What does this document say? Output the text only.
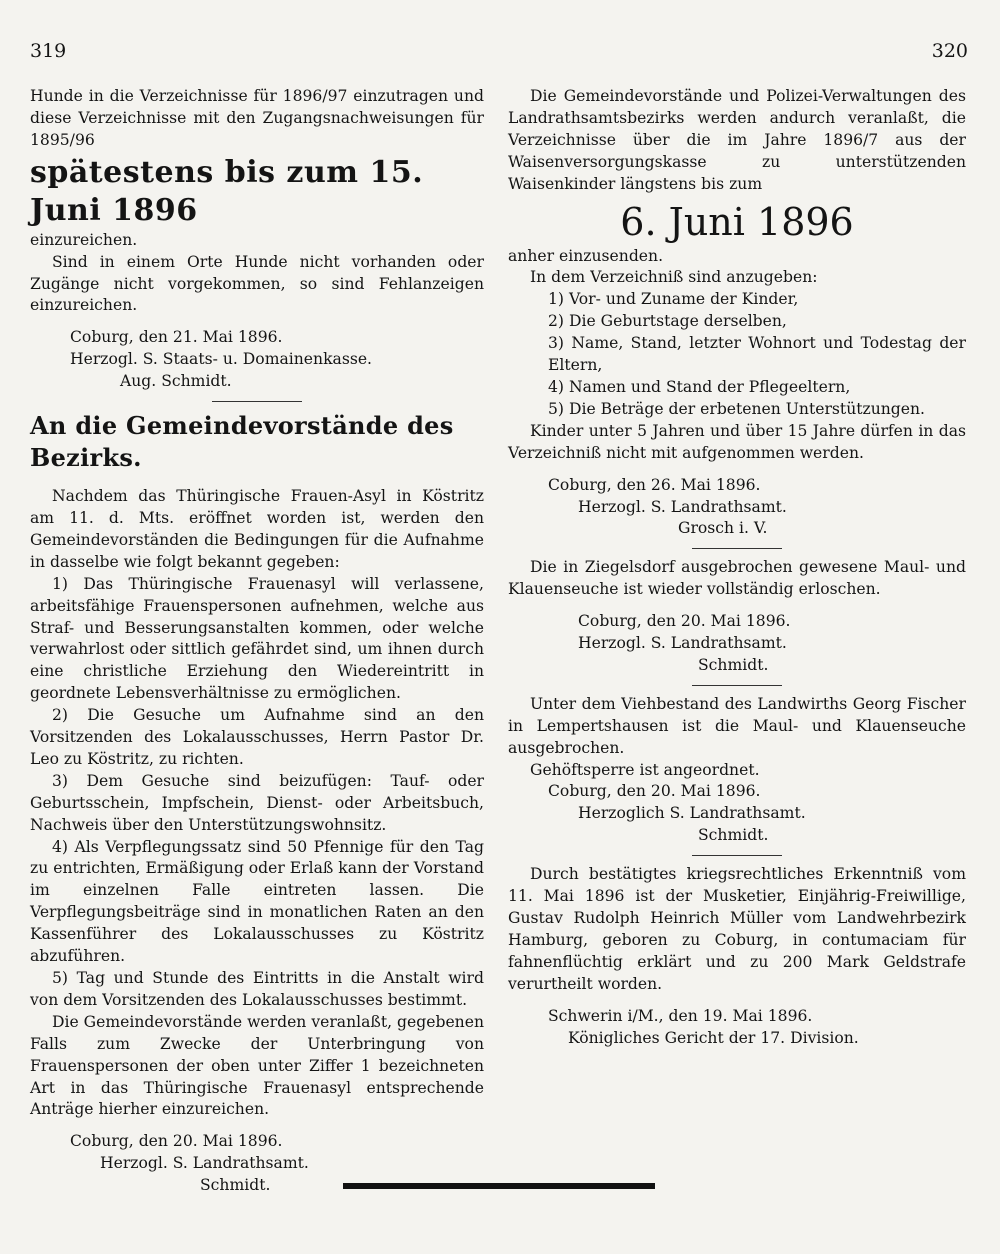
319	320

Hunde in die Verzeichnisse für 1896/97 einzutragen und diese Verzeichnisse mit den Zugangsnachweisungen für 1895/96

spätestens bis zum 15. Juni 1896

einzureichen.

Sind in einem Orte Hunde nicht vorhanden oder Zugänge nicht vorgekommen, so sind Fehlanzeigen einzureichen.

Coburg, den 21. Mai 1896.

Herzogl. S. Staats- u. Domainenkasse.

Aug. Schmidt.

An die Gemeindevorstände des Bezirks.

Nachdem das Thüringische Frauen-Asyl in Köstritz am 11. d. Mts. eröffnet worden ist, werden den Gemeindevorständen die Bedingungen für die Aufnahme in dasselbe wie folgt bekannt gegeben:

1) Das Thüringische Frauenasyl will verlassene, arbeitsfähige Frauenspersonen aufnehmen, welche aus Straf- und Besserungsanstalten kommen, oder welche verwahrlost oder sittlich gefährdet sind, um ihnen durch eine christliche Erziehung den Wiedereintritt in geordnete Lebensverhältnisse zu ermöglichen.

2) Die Gesuche um Aufnahme sind an den Vorsitzenden des Lokalausschusses, Herrn Pastor Dr. Leo zu Köstritz, zu richten.

3) Dem Gesuche sind beizufügen: Tauf- oder Geburtsschein, Impfschein, Dienst- oder Arbeitsbuch, Nachweis über den Unterstützungswohnsitz.

4) Als Verpflegungssatz sind 50 Pfennige für den Tag zu entrichten, Ermäßigung oder Erlaß kann der Vorstand im einzelnen Falle eintreten lassen. Die Verpflegungsbeiträge sind in monatlichen Raten an den Kassenführer des Lokalausschusses zu Köstritz abzuführen.

5) Tag und Stunde des Eintritts in die Anstalt wird von dem Vorsitzenden des Lokalausschusses bestimmt.

Die Gemeindevorstände werden veranlaßt, gegebenen Falls zum Zwecke der Unterbringung von Frauenspersonen der oben unter Ziffer 1 bezeichneten Art in das Thüringische Frauenasyl entsprechende Anträge hierher einzureichen.

Coburg, den 20. Mai 1896.

Herzogl. S. Landrathsamt.

Schmidt.

Die Gemeindevorstände und Polizei-Verwaltungen des Landrathsamtsbezirks werden andurch veranlaßt, die Verzeichnisse über die im Jahre 1896/7 aus der Waisenversorgungskasse zu unterstützenden Waisenkinder längstens bis zum

6. Juni 1896

anher einzusenden.

In dem Verzeichniß sind anzugeben:

1) Vor- und Zuname der Kinder,

2) Die Geburtstage derselben,

3) Name, Stand, letzter Wohnort und Todestag der Eltern,

4) Namen und Stand der Pflegeeltern,

5) Die Beträge der erbetenen Unterstützungen.

Kinder unter 5 Jahren und über 15 Jahre dürfen in das Verzeichniß nicht mit aufgenommen werden.

Coburg, den 26. Mai 1896.

Herzogl. S. Landrathsamt.

Grosch i. V.

Die in Ziegelsdorf ausgebrochen gewesene Maul- und Klauenseuche ist wieder vollständig erloschen.

Coburg, den 20. Mai 1896.

Herzogl. S. Landrathsamt.

Schmidt.

Unter dem Viehbestand des Landwirths Georg Fischer in Lempertshausen ist die Maul- und Klauenseuche ausgebrochen.

Gehöftsperre ist angeordnet.

Coburg, den 20. Mai 1896.

Herzoglich S. Landrathsamt.

Schmidt.

Durch bestätigtes kriegsrechtliches Erkenntniß vom 11. Mai 1896 ist der Musketier, Einjährig-Freiwillige, Gustav Rudolph Heinrich Müller vom Landwehrbezirk Hamburg, geboren zu Coburg, in contumaciam für fahnenflüchtig erklärt und zu 200 Mark Geldstrafe verurtheilt worden.

Schwerin i/M., den 19. Mai 1896.

Königliches Gericht der 17. Division.
